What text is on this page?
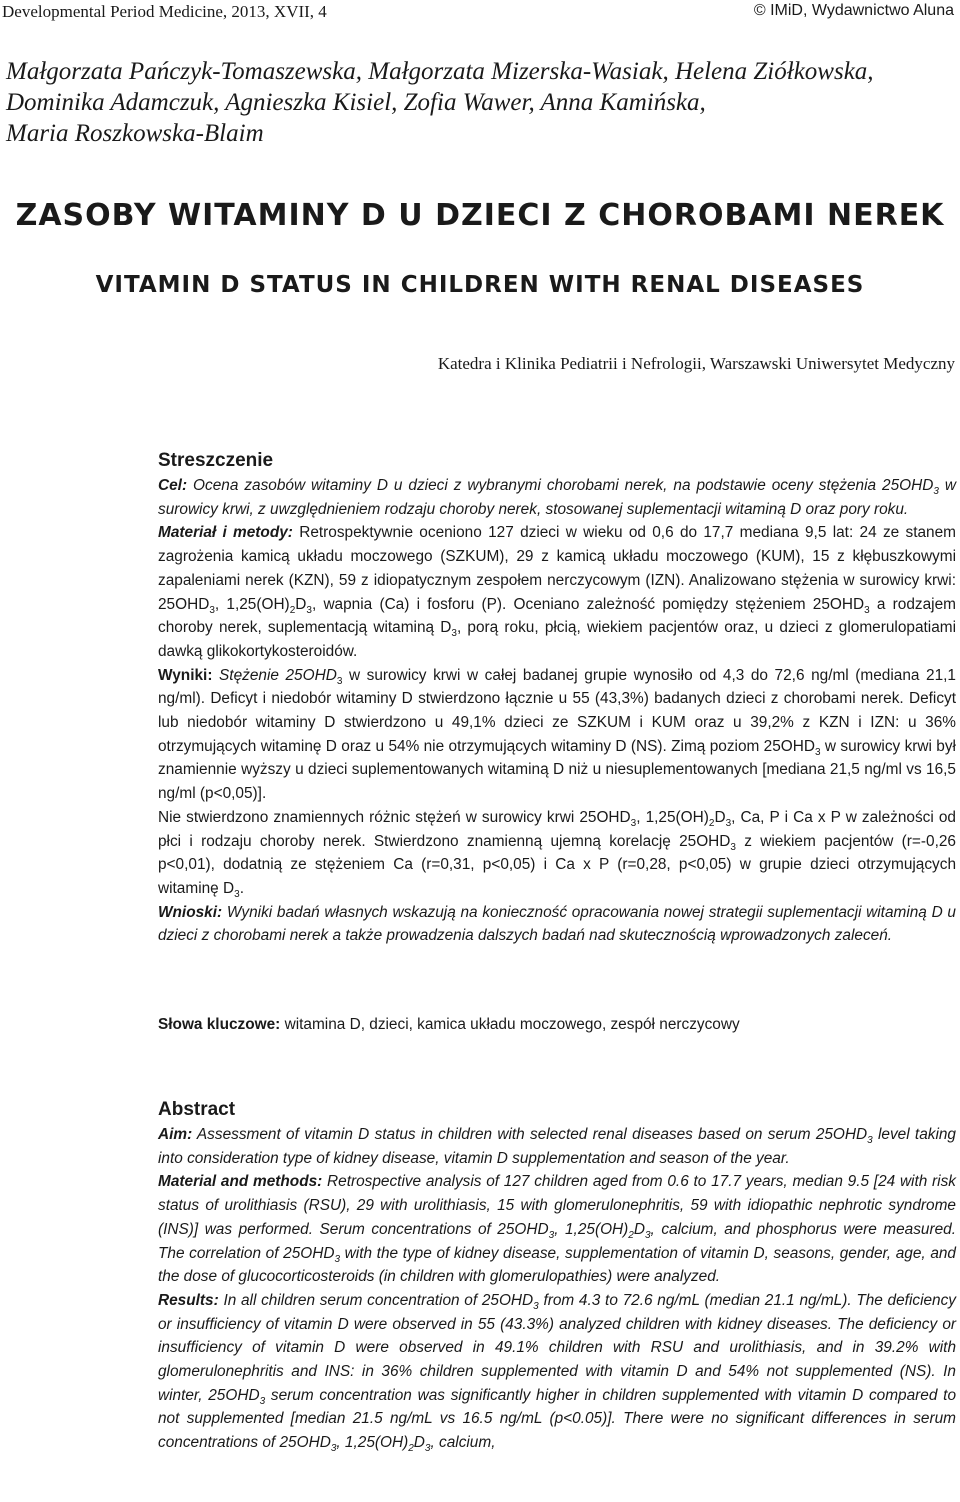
Developmental Period Medicine, 2013, XVII, 4	© IMiD, Wydawnictwo Aluna
Małgorzata Pańczyk-Tomaszewska, Małgorzata Mizerska-Wasiak, Helena Ziółkowska,
Dominika Adamczuk, Agnieszka Kisiel, Zofia Wawer, Anna Kamińska,
Maria Roszkowska-Blaim
ZASOBY WITAMINY D U DZIECI Z CHOROBAMI NEREK
VITAMIN D STATUS IN CHILDREN WITH RENAL DISEASES
Katedra i Klinika Pediatrii i Nefrologii, Warszawski Uniwersytet Medyczny
Streszczenie

Cel: Ocena zasobów witaminy D u dzieci z wybranymi chorobami nerek, na podstawie oceny stężenia $25OHD_3$ w surowicy krwi, z uwzględnieniem rodzaju choroby nerek, stosowanej suplementacji witaminą D oraz pory roku.

Materiał i metody: Retrospektywnie oceniono 127 dzieci w wieku od 0,6 do 17,7 mediana 9,5 lat: 24 ze stanem zagrożenia kamicą układu moczowego (SZKUM), 29 z kamicą układu moczowego (KUM), 15 z kłębuszkowymi zapaleniami nerek (KZN), 59 z idiopatycznym zespołem nerczycowym (IZN). Analizowano stężenia w surowicy krwi: $25OHD_3$, $1,25(OH)_2D_3$, wapnia (Ca) i fosforu (P). Oceniano zależność pomiędzy stężeniem $25OHD_3$ a rodzajem choroby nerek, suplementacją witaminą $D_3$, porą roku, płcią, wiekiem pacjentów oraz, u dzieci z glomerulopatiami dawką glikokortykosteroidów.

Wyniki: Stężenie $25OHD_3$ w surowicy krwi w całej badanej grupie wynosiło od 4,3 do 72,6 ng/ml (mediana 21,1 ng/ml). Deficyt i niedobór witaminy D stwierdzono łącznie u 55 (43,3%) badanych dzieci z chorobami nerek. Deficyt lub niedobór witaminy D stwierdzono u 49,1% dzieci ze SZKUM i KUM oraz u 39,2% z KZN i IZN: u 36% otrzymujących witaminę D oraz u 54% nie otrzymujących witaminy D (NS). Zimą poziom $25OHD_3$ w surowicy krwi był znamiennie wyższy u dzieci suplementowanych witaminą D niż u niesuplementowanych [mediana 21,5 ng/ml vs 16,5 ng/ml (p<0,05)].

Nie stwierdzono znamiennych różnic stężeń w surowicy krwi $25OHD_3$, $1,25(OH)_2D_3$, Ca, P i Ca x P w zależności od płci i rodzaju choroby nerek. Stwierdzono znamienną ujemną korelację $25OHD_3$ z wiekiem pacjentów (r=-0,26 p<0,01), dodatnią ze stężeniem Ca (r=0,31, p<0,05) i Ca x P (r=0,28, p<0,05) w grupie dzieci otrzymujących witaminę $D_3$.

Wnioski: Wyniki badań własnych wskazują na konieczność opracowania nowej strategii suplementacji witaminą D u dzieci z chorobami nerek a także prowadzenia dalszych badań nad skutecznością wprowadzonych zaleceń.

Słowa kluczowe: witamina D, dzieci, kamica układu moczowego, zespół nerczycowy

Abstract

Aim: Assessment of vitamin D status in children with selected renal diseases based on serum $25OHD_3$ level taking into consideration type of kidney disease, vitamin D supplementation and season of the year.

Material and methods: Retrospective analysis of 127 children aged from 0.6 to 17.7 years, median 9.5 [24 with risk status of urolithiasis (RSU), 29 with urolithiasis, 15 with glomerulonephritis, 59 with idiopathic nephrotic syndrome (INS)] was performed. Serum concentrations of $25OHD_3$, $1,25(OH)_2D_3$, calcium, and phosphorus were measured. The correlation of $25OHD_3$ with the type of kidney disease, supplementation of vitamin D, seasons, gender, age, and the dose of glucocorticosteroids (in children with glomerulopathies) were analyzed.

Results: In all children serum concentration of $25OHD_3$ from 4.3 to 72.6 ng/mL (median 21.1 ng/mL). The deficiency or insufficiency of vitamin D were observed in 55 (43.3%) analyzed children with kidney diseases. The deficiency or insufficiency of vitamin D were observed in 49.1% children with RSU and urolithiasis, and in 39.2% with glomerulonephritis and INS: in 36% children supplemented with vitamin D and 54% not supplemented (NS). In winter, $25OHD_3$ serum concentration was significantly higher in children supplemented with vitamin D compared to not supplemented [median 21.5 ng/mL vs 16.5 ng/mL (p<0.05)]. There were no significant differences in serum concentrations of $25OHD_3$, $1,25(OH)_2D_3$, calcium,
